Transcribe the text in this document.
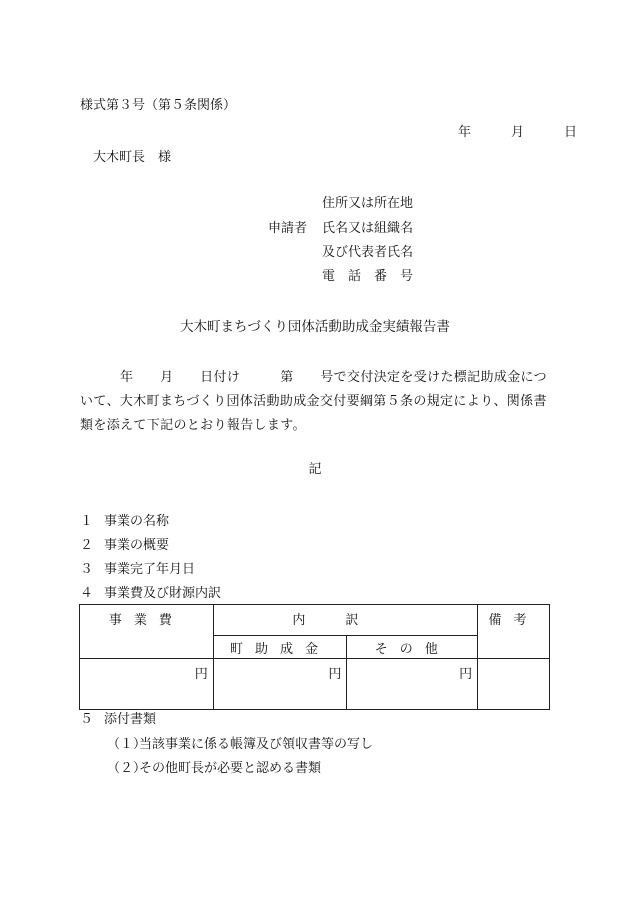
様式第３号（第５条関係）
年	月	日
大木町長　様
住所又は所在地
申請者 氏名又は組織名
及び代表者氏名
電　話　番　号
大木町まちづくり団体活動助成金実績報告書
　　　年　　月　　日付け　　　第　　号で交付決定を受けた標記助成金について、大木町まちづくり団体活動助成金交付要綱第５条の規定により、関係書類を添えて下記のとおり報告します。
記
１ 事業の名称
２ 事業の概要
３ 事業完了年月日
４ 事業費及び財源内訳
事業費	内訳		備考
	町助成金	その他	
円	円	円	
５ 添付書類
（１）当該事業に係る帳簿及び領収書等の写し
（２）その他町長が必要と認める書類
